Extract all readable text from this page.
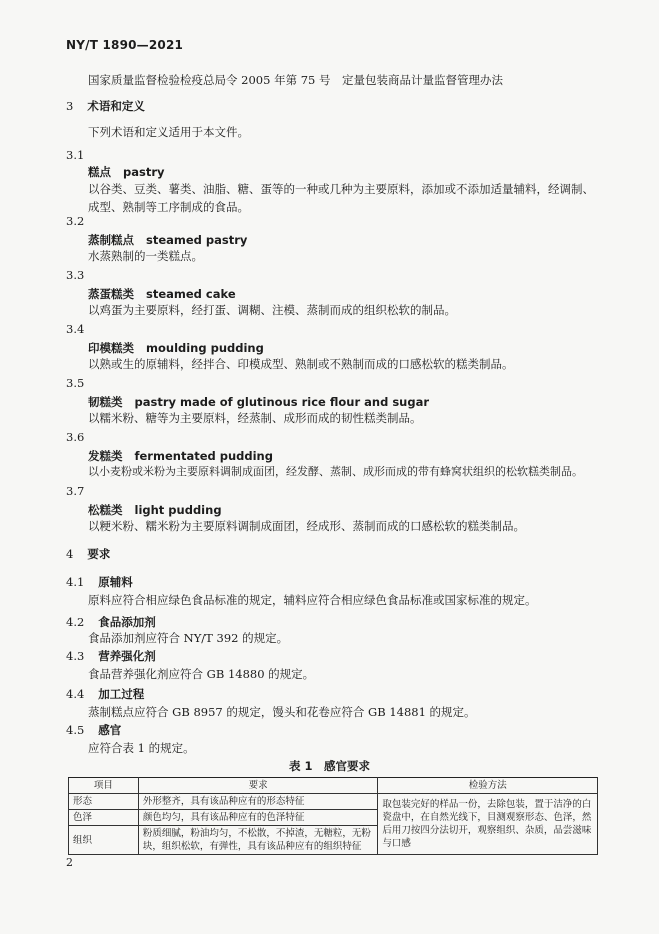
NY/T 1890—2021
国家质量监督检验检疫总局令 2005 年第 75 号　定量包装商品计量监督管理办法
3 术语和定义
下列术语和定义适用于本文件。
3.1
糕点 pastry
以谷类、豆类、薯类、油脂、糖、蛋等的一种或几种为主要原料，添加或不添加适量辅料，经调制、成型、熟制等工序制成的食品。
3.2
蒸制糕点 steamed pastry
水蒸熟制的一类糕点。
3.3
蒸蛋糕类 steamed cake
以鸡蛋为主要原料，经打蛋、调糊、注模、蒸制而成的组织松软的制品。
3.4
印模糕类 moulding pudding
以熟或生的原辅料，经拌合、印模成型、熟制或不熟制而成的口感松软的糕类制品。
3.5
韧糕类 pastry made of glutinous rice flour and sugar
以糯米粉、糖等为主要原料，经蒸制、成形而成的韧性糕类制品。
3.6
发糕类 fermentated pudding
以小麦粉或米粉为主要原料调制成面团，经发酵、蒸制、成形而成的带有蜂窝状组织的松软糕类制品。
3.7
松糕类 light pudding
以粳米粉、糯米粉为主要原料调制成面团，经成形、蒸制而成的口感松软的糕类制品。
4 要求
4.1 原辅料
原料应符合相应绿色食品标准的规定，辅料应符合相应绿色食品标准或国家标准的规定。
4.2 食品添加剂
食品添加剂应符合 NY/T 392 的规定。
4.3 营养强化剂
食品营养强化剂应符合 GB 14880 的规定。
4.4 加工过程
蒸制糕点应符合 GB 8957 的规定，馒头和花卷应符合 GB 14881 的规定。
4.5 感官
应符合表 1 的规定。
表 1　感官要求
项目	要求	检验方法
形态	外形整齐，具有该品种应有的形态特征	取包装完好的样品一份，去除包装，置于洁净的白瓷盘中，在自然光线下，目测观察形态、色泽，然后用刀按四分法切开，观察组织、杂质，品尝滋味与口感
色泽	颜色均匀，具有该品种应有的色泽特征	
组织	粉质细腻，粉油均匀，不松散，不掉渣，无糖粒，无粉块，组织松软，有弹性，具有该品种应有的组织特征	
2
